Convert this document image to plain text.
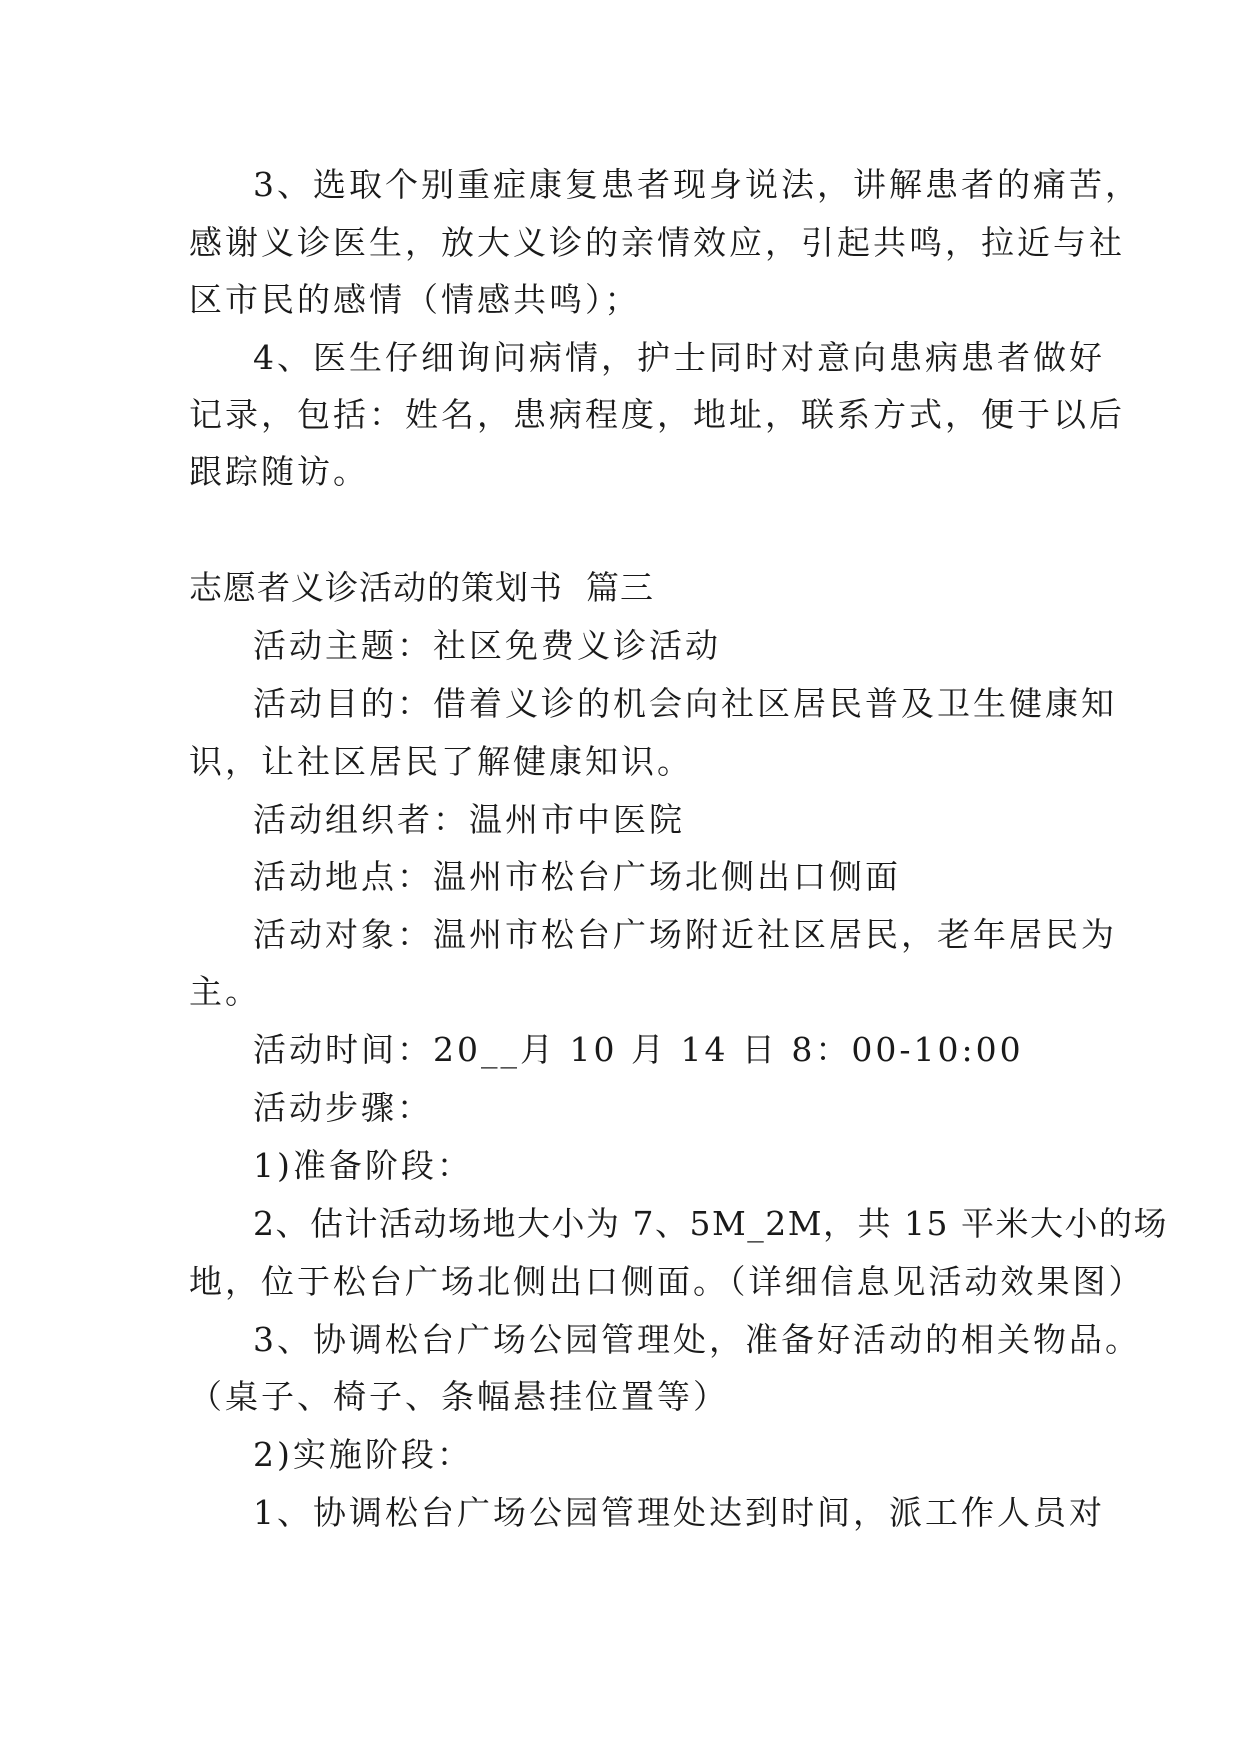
3、选取个别重症康复患者现身说法，讲解患者的痛苦，

感谢义诊医生，放大义诊的亲情效应，引起共鸣，拉近与社

区市民的感情（情感共鸣）；

4、医生仔细询问病情，护士同时对意向患病患者做好

记录，包括：姓名，患病程度，地址，联系方式，便于以后

跟踪随访。

志愿者义诊活动的策划书  篇三

活动主题：社区免费义诊活动

活动目的：借着义诊的机会向社区居民普及卫生健康知

识，让社区居民了解健康知识。

活动组织者：温州市中医院

活动地点：温州市松台广场北侧出口侧面

活动对象：温州市松台广场附近社区居民，老年居民为

主。

活动时间：20__月 10 月 14 日 8：00-10:00

活动步骤：

1)准备阶段：

2、估计活动场地大小为 7、5M_2M，共 15 平米大小的场

地，位于松台广场北侧出口侧面。（详细信息见活动效果图）

3、协调松台广场公园管理处，准备好活动的相关物品。

（桌子、椅子、条幅悬挂位置等）

2)实施阶段：

1、协调松台广场公园管理处达到时间，派工作人员对
